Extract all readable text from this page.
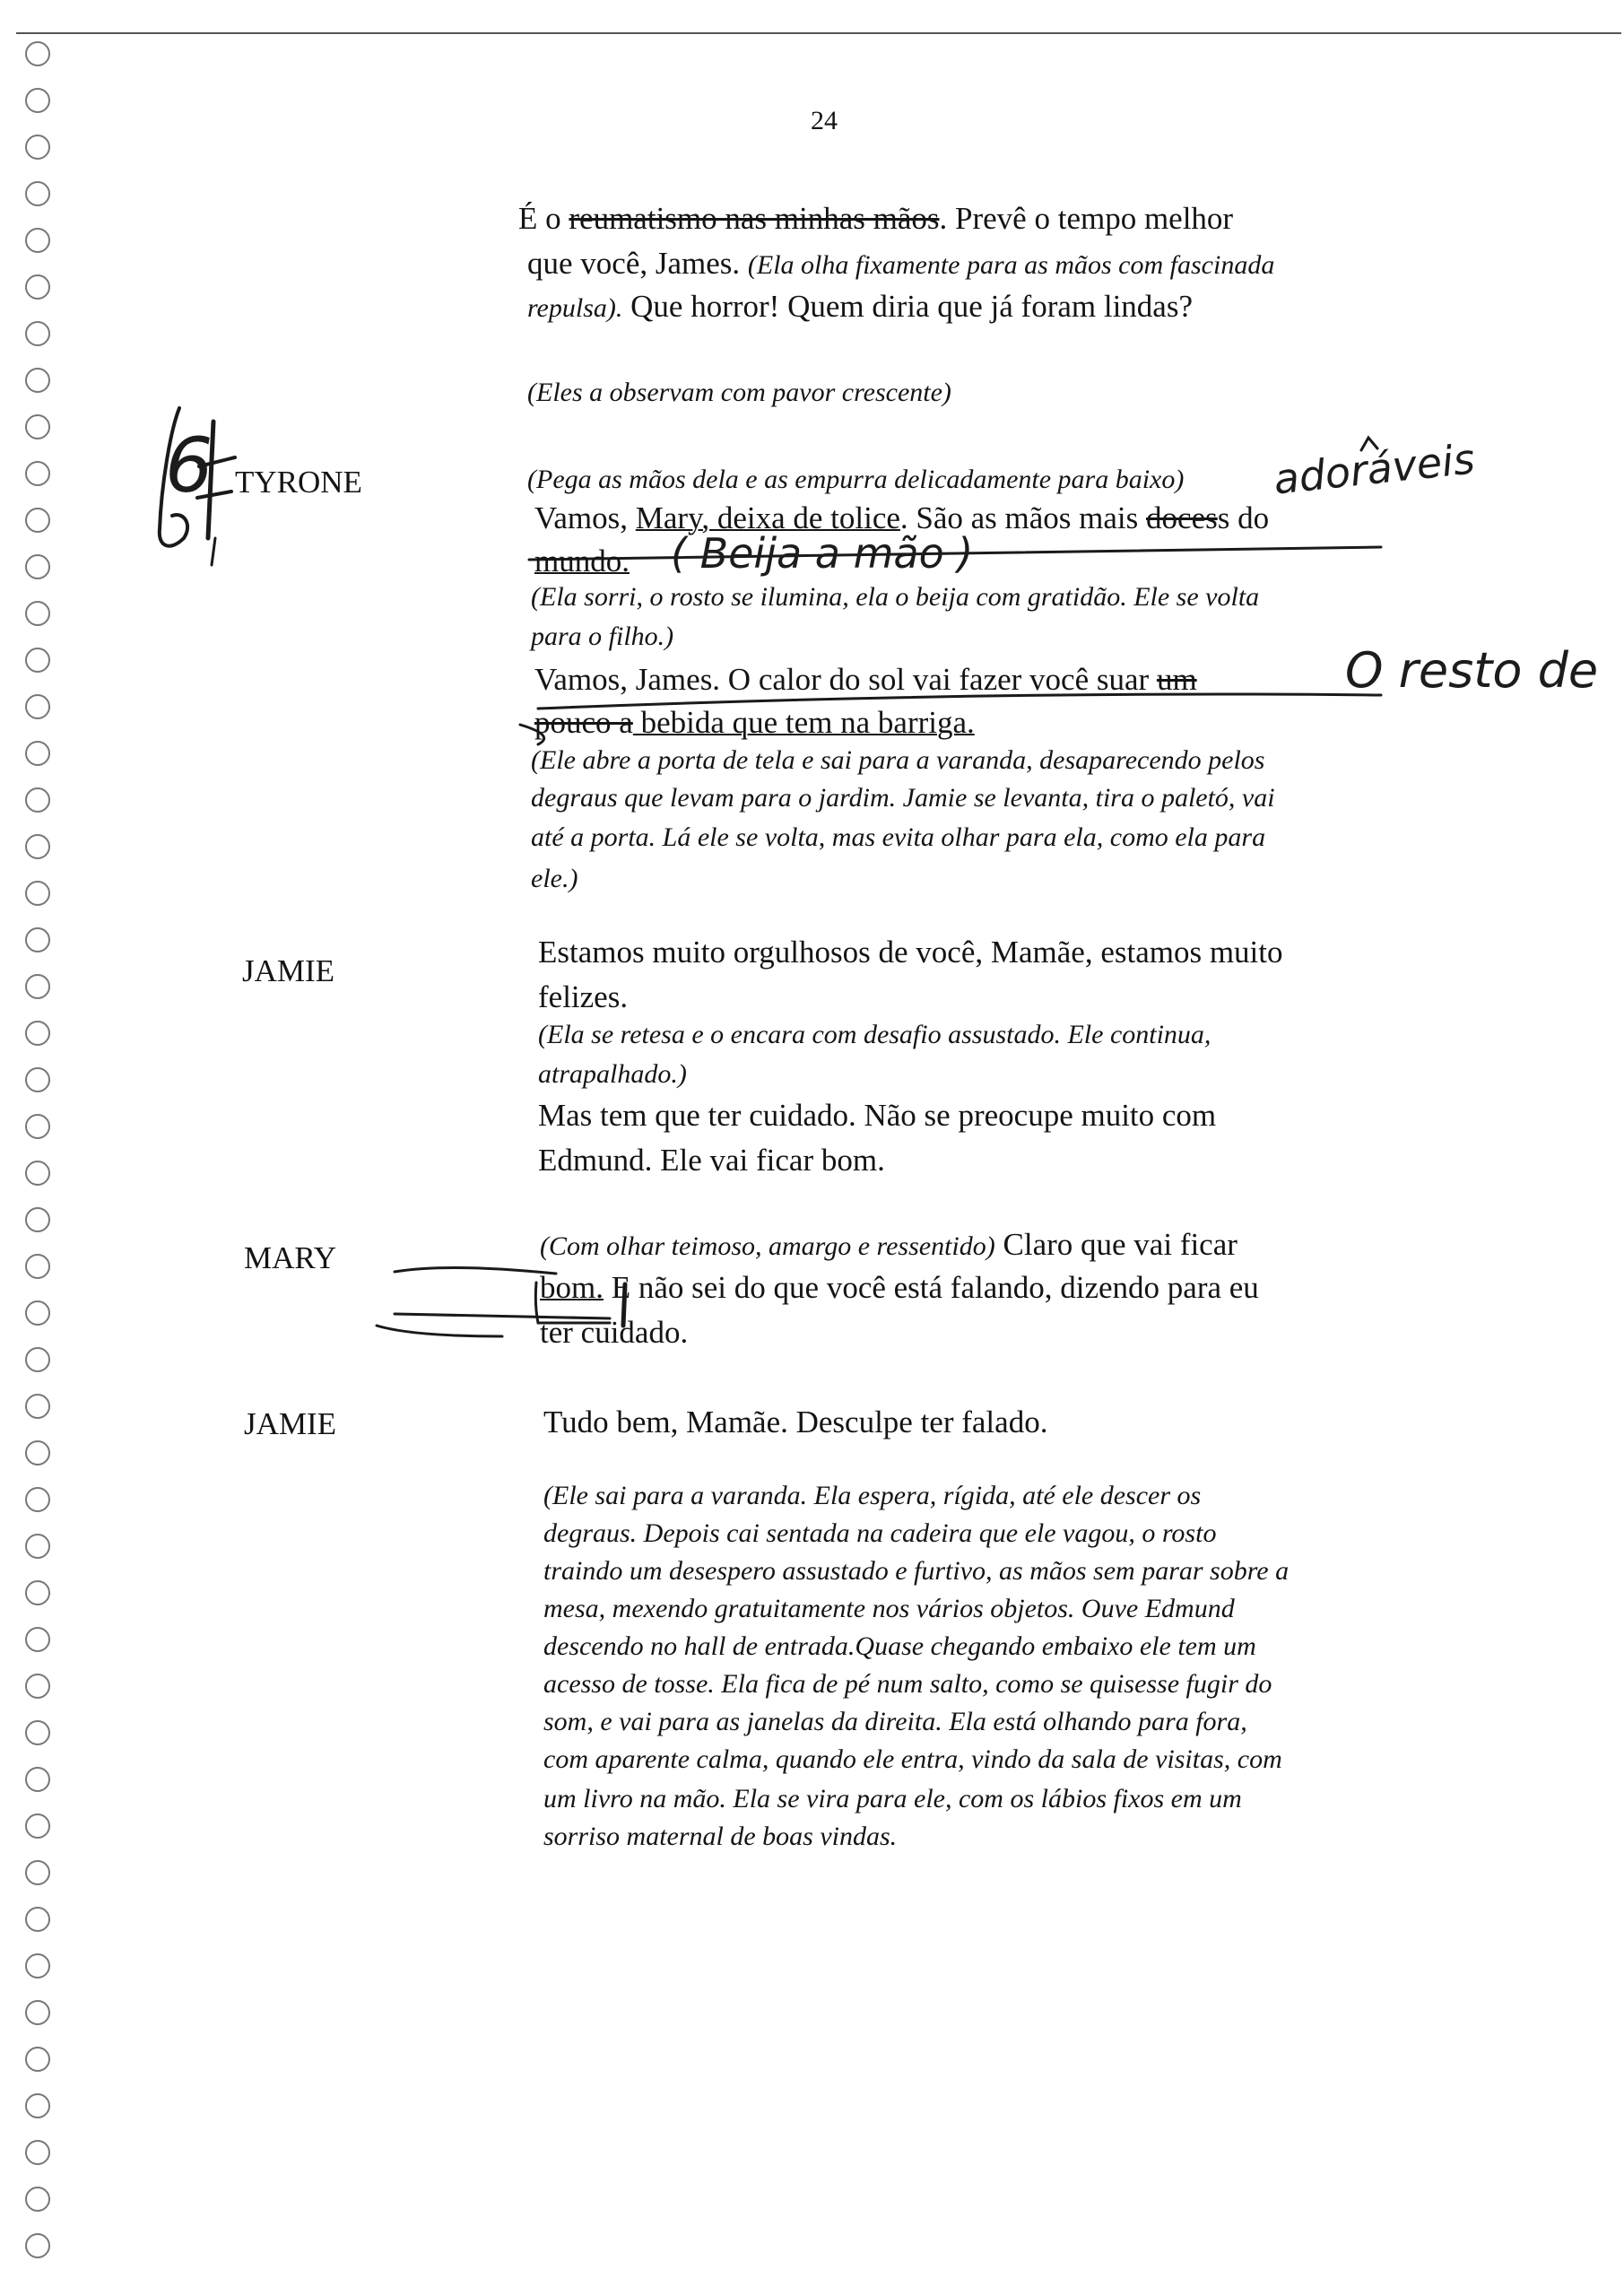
24
É o reumatismo nas minhas mãos. Prevê o tempo melhor
que você, James. (Ela olha fixamente para as mãos com fascinada
repulsa). Que horror! Quem diria que já foram lindas?
(Eles a observam com pavor crescente)
TYRONE	(Pega as mãos dela e as empurra delicadamente para baixo)
Vamos, Mary, deixa de tolice. São as mãos mais docess do
mundo.
(Ela sorri, o rosto se ilumina, ela o beija com gratidão. Ele se volta
para o filho.)
Vamos, James. O calor do sol vai fazer você suar um
pouco a bebida que tem na barriga.
(Ele abre a porta de tela e sai para a varanda, desaparecendo pelos
degraus que levam para o jardim. Jamie se levanta, tira o paletó, vai
até a porta. Lá ele se volta, mas evita olhar para ela, como ela para
ele.)
JAMIE
Estamos muito orgulhosos de você, Mamãe, estamos muito
felizes.
(Ela se retesa e o encara com desafio assustado. Ele continua,
atrapalhado.)
Mas tem que ter cuidado. Não se preocupe muito com
Edmund. Ele vai ficar bom.
MARY	(Com olhar teimoso, amargo e ressentido) Claro que vai ficar
bom. E não sei do que você está falando, dizendo para eu
ter cuidado.
JAMIE	Tudo bem, Mamãe. Desculpe ter falado.
(Ele sai para a varanda. Ela espera, rígida, até ele descer os
degraus. Depois cai sentada na cadeira que ele vagou, o rosto
traindo um desespero assustado e furtivo, as mãos sem parar sobre a
mesa, mexendo gratuitamente nos vários objetos. Ouve Edmund
descendo no hall de entrada.Quase chegando embaixo ele tem um
acesso de tosse. Ela fica de pé num salto, como se quisesse fugir do
som, e vai para as janelas da direita. Ela está olhando para fora,
com aparente calma, quando ele entra, vindo da sala de visitas, com
um livro na mão. Ela se vira para ele, com os lábios fixos em um
sorriso maternal de boas vindas.
6	adoráveis
( Beija a mão )
O resto de
